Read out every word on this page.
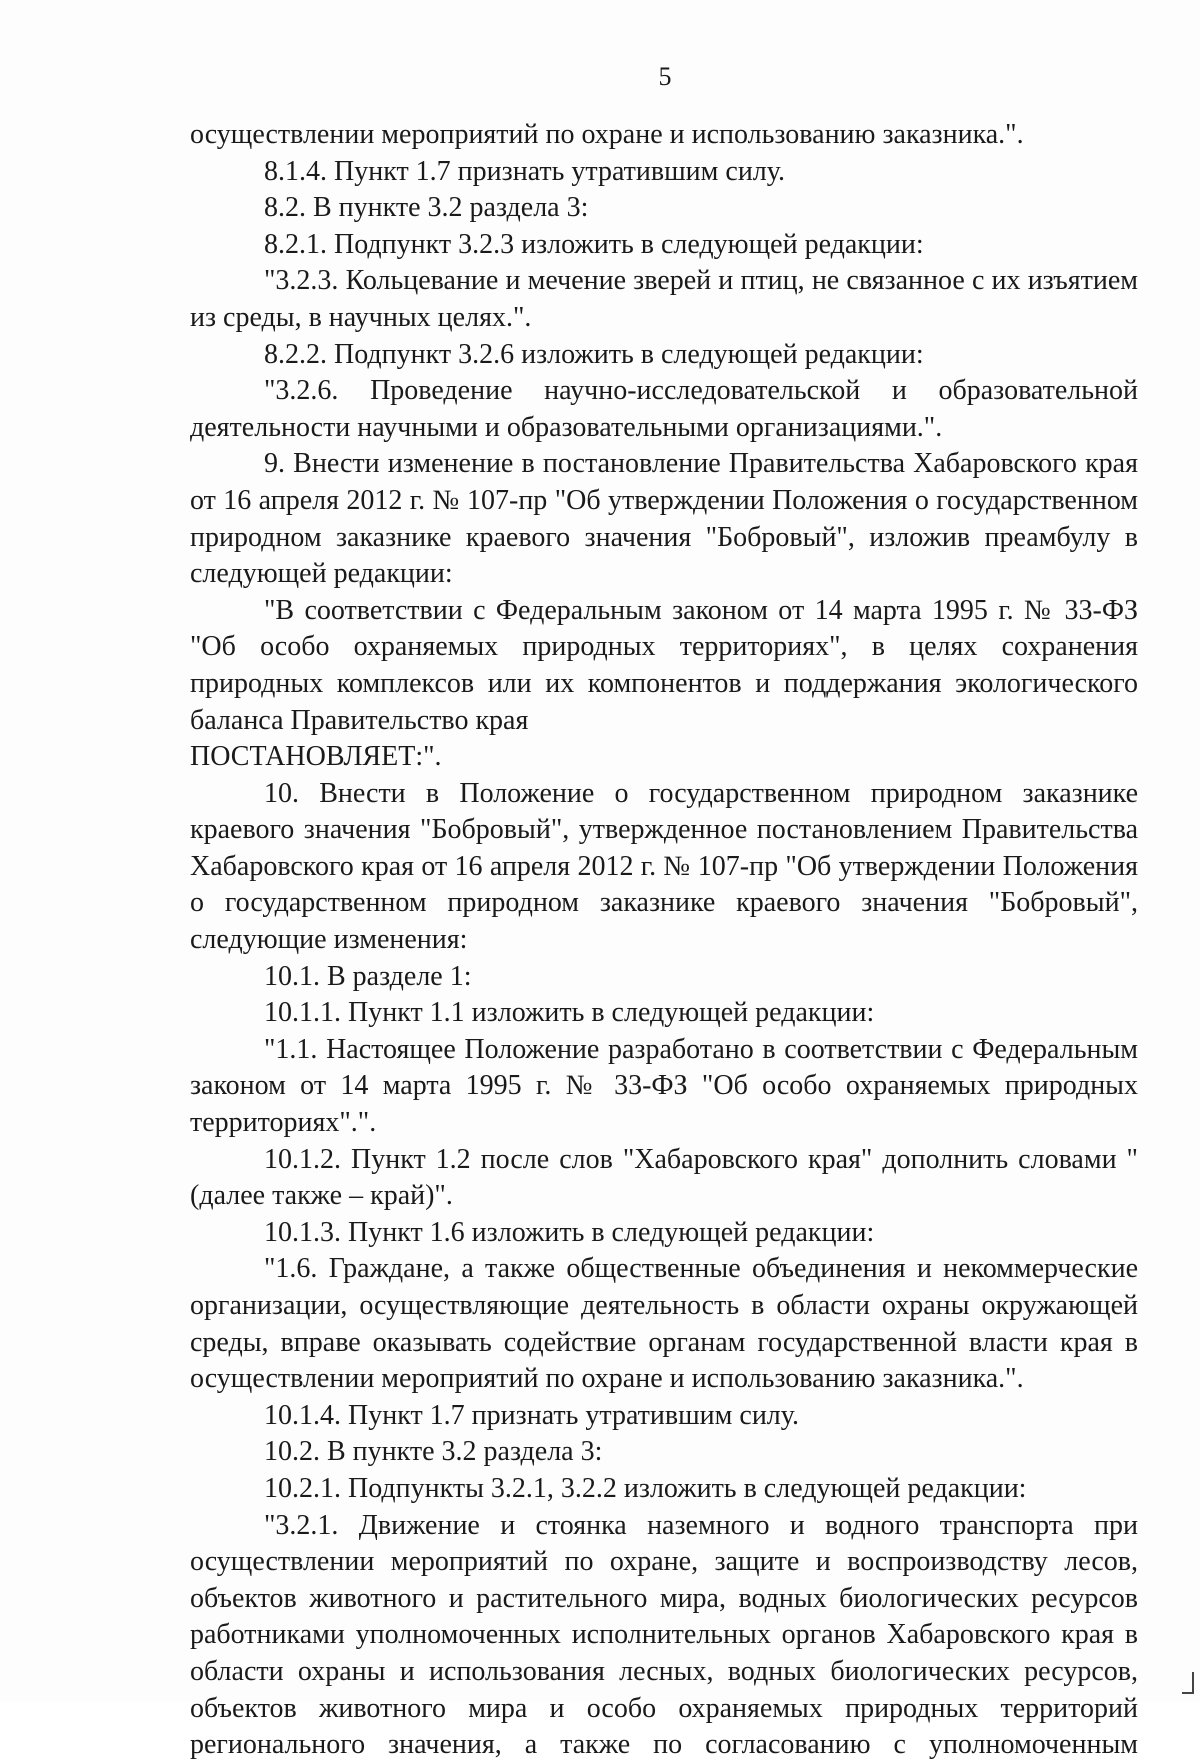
5

осуществлении мероприятий по охране и использованию заказника.".

8.1.4. Пункт 1.7 признать утратившим силу.

8.2. В пункте 3.2 раздела 3:

8.2.1. Подпункт 3.2.3 изложить в следующей редакции:

"3.2.3. Кольцевание и мечение зверей и птиц, не связанное с их изъятием из среды, в научных целях.".

8.2.2. Подпункт 3.2.6 изложить в следующей редакции:

"3.2.6. Проведение научно-исследовательской и образовательной деятельности научными и образовательными организациями.".

9. Внести изменение в постановление Правительства Хабаровского края от 16 апреля 2012 г. № 107-пр "Об утверждении Положения о государственном природном заказнике краевого значения "Бобровый", изложив преамбулу в следующей редакции:

"В соответствии с Федеральным законом от 14 марта 1995 г. № 33-ФЗ "Об особо охраняемых природных территориях", в целях сохранения природных комплексов или их компонентов и поддержания экологического баланса Правительство края

ПОСТАНОВЛЯЕТ:".

10. Внести в Положение о государственном природном заказнике краевого значения "Бобровый", утвержденное постановлением Правительства Хабаровского края от 16 апреля 2012 г. № 107-пр "Об утверждении Положения о государственном природном заказнике краевого значения "Бобровый", следующие изменения:

10.1. В разделе 1:

10.1.1. Пункт 1.1 изложить в следующей редакции:

"1.1. Настоящее Положение разработано в соответствии с Федеральным законом от 14 марта 1995 г. № 33-ФЗ "Об особо охраняемых природных территориях".".

10.1.2. Пункт 1.2 после слов "Хабаровского края" дополнить словами "(далее также – край)".

10.1.3. Пункт 1.6 изложить в следующей редакции:

"1.6. Граждане, а также общественные объединения и некоммерческие организации, осуществляющие деятельность в области охраны окружающей среды, вправе оказывать содействие органам государственной власти края в осуществлении мероприятий по охране и использованию заказника.".

10.1.4. Пункт 1.7 признать утратившим силу.

10.2. В пункте 3.2 раздела 3:

10.2.1. Подпункты 3.2.1, 3.2.2 изложить в следующей редакции:

"3.2.1. Движение и стоянка наземного и водного транспорта при осуществлении мероприятий по охране, защите и воспроизводству лесов, объектов животного и растительного мира, водных биологических ресурсов работниками уполномоченных исполнительных органов Хабаровского края в области охраны и использования лесных, водных биологических ресурсов, объектов животного мира и особо охраняемых природных территорий регионального значения, а также по согласованию с уполномоченным
